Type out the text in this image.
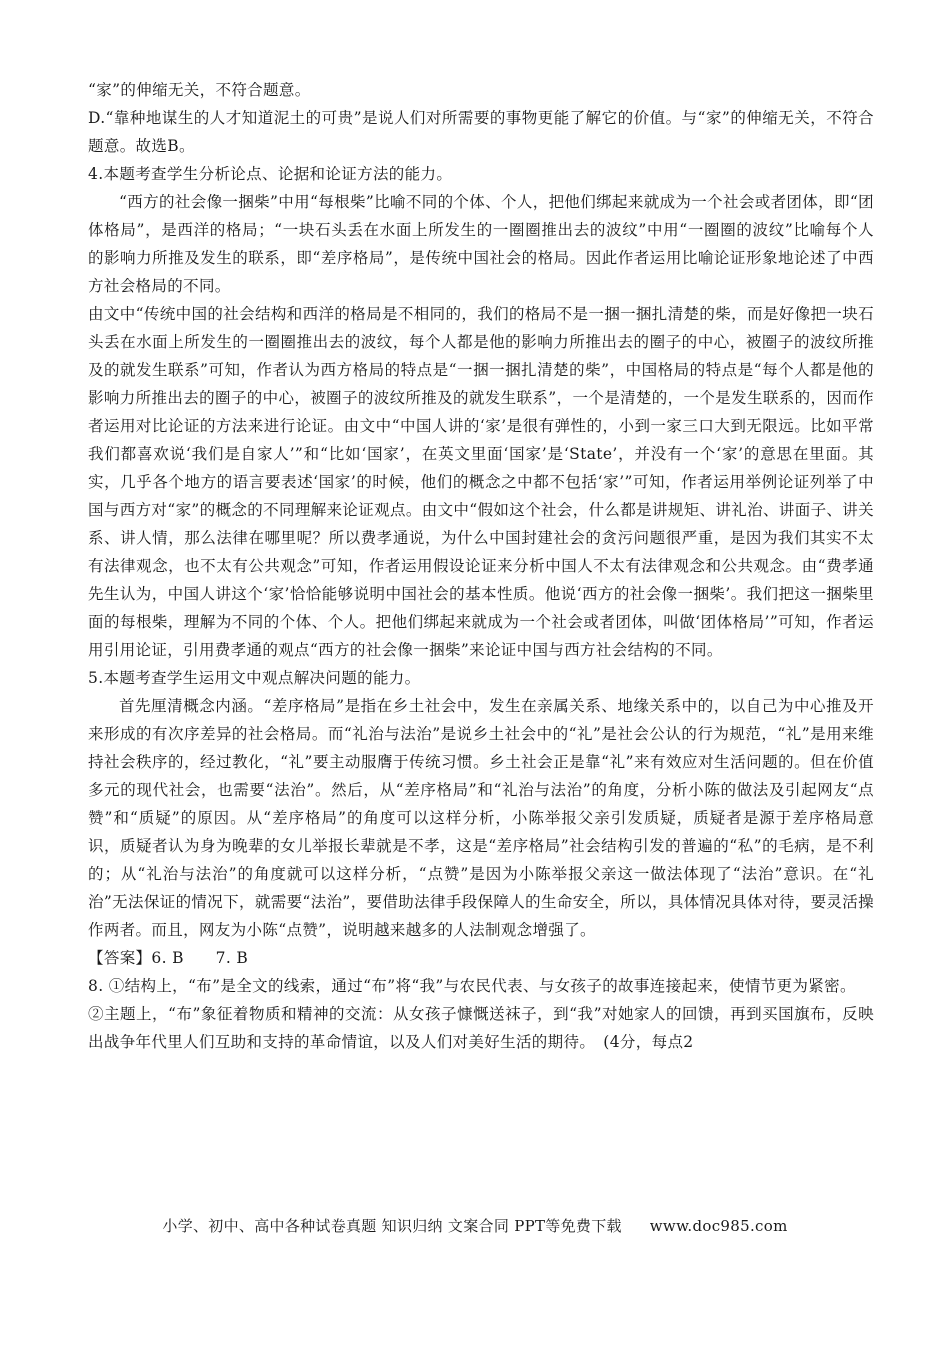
“家”的伸缩无关，不符合题意。

D.“靠种地谋生的人才知道泥土的可贵”是说人们对所需要的事物更能了解它的价值。与“家”的伸缩无关，不符合题意。故选B。

4.本题考查学生分析论点、论据和论证方法的能力。

“西方的社会像一捆柴”中用“每根柴”比喻不同的个体、个人，把他们绑起来就成为一个社会或者团体，即“团体格局”，是西洋的格局；“一块石头丢在水面上所发生的一圈圈推出去的波纹”中用“一圈圈的波纹”比喻每个人的影响力所推及发生的联系，即“差序格局”，是传统中国社会的格局。因此作者运用比喻论证形象地论述了中西方社会格局的不同。

由文中“传统中国的社会结构和西洋的格局是不相同的，我们的格局不是一捆一捆扎清楚的柴，而是好像把一块石头丢在水面上所发生的一圈圈推出去的波纹，每个人都是他的影响力所推出去的圈子的中心，被圈子的波纹所推及的就发生联系”可知，作者认为西方格局的特点是“一捆一捆扎清楚的柴”，中国格局的特点是“每个人都是他的影响力所推出去的圈子的中心，被圈子的波纹所推及的就发生联系”，一个是清楚的，一个是发生联系的，因而作者运用对比论证的方法来进行论证。由文中“中国人讲的‘家’是很有弹性的，小到一家三口大到无限远。比如平常我们都喜欢说‘我们是自家人’”和“比如‘国家’，在英文里面‘国家’是‘State’，并没有一个‘家’的意思在里面。其实，几乎各个地方的语言要表述‘国家’的时候，他们的概念之中都不包括‘家’”可知，作者运用举例论证列举了中国与西方对“家”的概念的不同理解来论证观点。由文中“假如这个社会，什么都是讲规矩、讲礼治、讲面子、讲关系、讲人情，那么法律在哪里呢？所以费孝通说，为什么中国封建社会的贪污问题很严重，是因为我们其实不太有法律观念，也不太有公共观念”可知，作者运用假设论证来分析中国人不太有法律观念和公共观念。由“费孝通先生认为，中国人讲这个‘家’恰恰能够说明中国社会的基本性质。他说‘西方的社会像一捆柴’。我们把这一捆柴里面的每根柴，理解为不同的个体、个人。把他们绑起来就成为一个社会或者团体，叫做‘团体格局’”可知，作者运用引用论证，引用费孝通的观点“西方的社会像一捆柴”来论证中国与西方社会结构的不同。

5.本题考查学生运用文中观点解决问题的能力。

首先厘清概念内涵。“差序格局”是指在乡土社会中，发生在亲属关系、地缘关系中的，以自己为中心推及开来形成的有次序差异的社会格局。而“礼治与法治”是说乡土社会中的“礼”是社会公认的行为规范，“礼”是用来维持社会秩序的，经过教化，“礼”要主动服膺于传统习惯。乡土社会正是靠“礼”来有效应对生活问题的。但在价值多元的现代社会，也需要“法治”。然后，从“差序格局”和“礼治与法治”的角度，分析小陈的做法及引起网友“点赞”和“质疑”的原因。从“差序格局”的角度可以这样分析，小陈举报父亲引发质疑，质疑者是源于差序格局意识，质疑者认为身为晚辈的女儿举报长辈就是不孝，这是“差序格局”社会结构引发的普遍的“私”的毛病，是不利的；从“礼治与法治”的角度就可以这样分析，“点赞”是因为小陈举报父亲这一做法体现了“法治”意识。在“礼治”无法保证的情况下，就需要“法治”，要借助法律手段保障人的生命安全，所以，具体情况具体对待，要灵活操作两者。而且，网友为小陈“点赞”，说明越来越多的人法制观念增强了。

【答案】6. B　　7. B

8. ①结构上，“布”是全文的线索，通过“布”将“我”与农民代表、与女孩子的故事连接起来，使情节更为紧密。

②主题上，“布”象征着物质和精神的交流：从女孩子慷慨送袜子，到“我”对她家人的回馈，再到买国旗布，反映出战争年代里人们互助和支持的革命情谊，以及人们对美好生活的期待。　(4分，每点2

小学、初中、高中各种试卷真题 知识归纳 文案合同 PPT等免费下载 www.doc985.com
